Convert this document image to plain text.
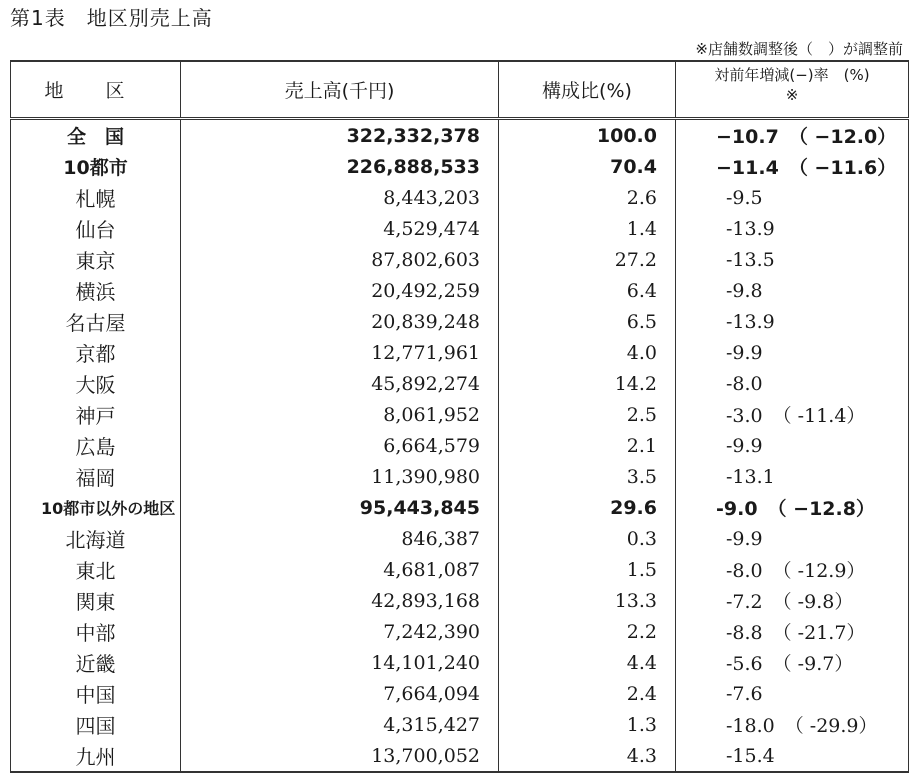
第1表　地区別売上高
※店舗数調整後（　）が調整前
地区	売上高(千円)	構成比(%)	対前年増減(−)率　(%)
※

全　国	322,332,378	100.0	−10.7 （ −12.0）
10都市	226,888,533	70.4	−11.4 （ −11.6）
札幌	8,443,203	2.6	-9.5
仙台	4,529,474	1.4	-13.9
東京	87,802,603	27.2	-13.5
横浜	20,492,259	6.4	-9.8
名古屋	20,839,248	6.5	-13.9
京都	12,771,961	4.0	-9.9
大阪	45,892,274	14.2	-8.0
神戸	8,061,952	2.5	-3.0 （ -11.4）
広島	6,664,579	2.1	-9.9
福岡	11,390,980	3.5	-13.1
10都市以外の地区	95,443,845	29.6	-9.0 （ −12.8）
北海道	846,387	0.3	-9.9
東北	4,681,087	1.5	-8.0 （ -12.9）
関東	42,893,168	13.3	-7.2 （ -9.8）
中部	7,242,390	2.2	-8.8 （ -21.7）
近畿	14,101,240	4.4	-5.6 （ -9.7）
中国	7,664,094	2.4	-7.6
四国	4,315,427	1.3	-18.0 （ -29.9）
九州	13,700,052	4.3	-15.4
